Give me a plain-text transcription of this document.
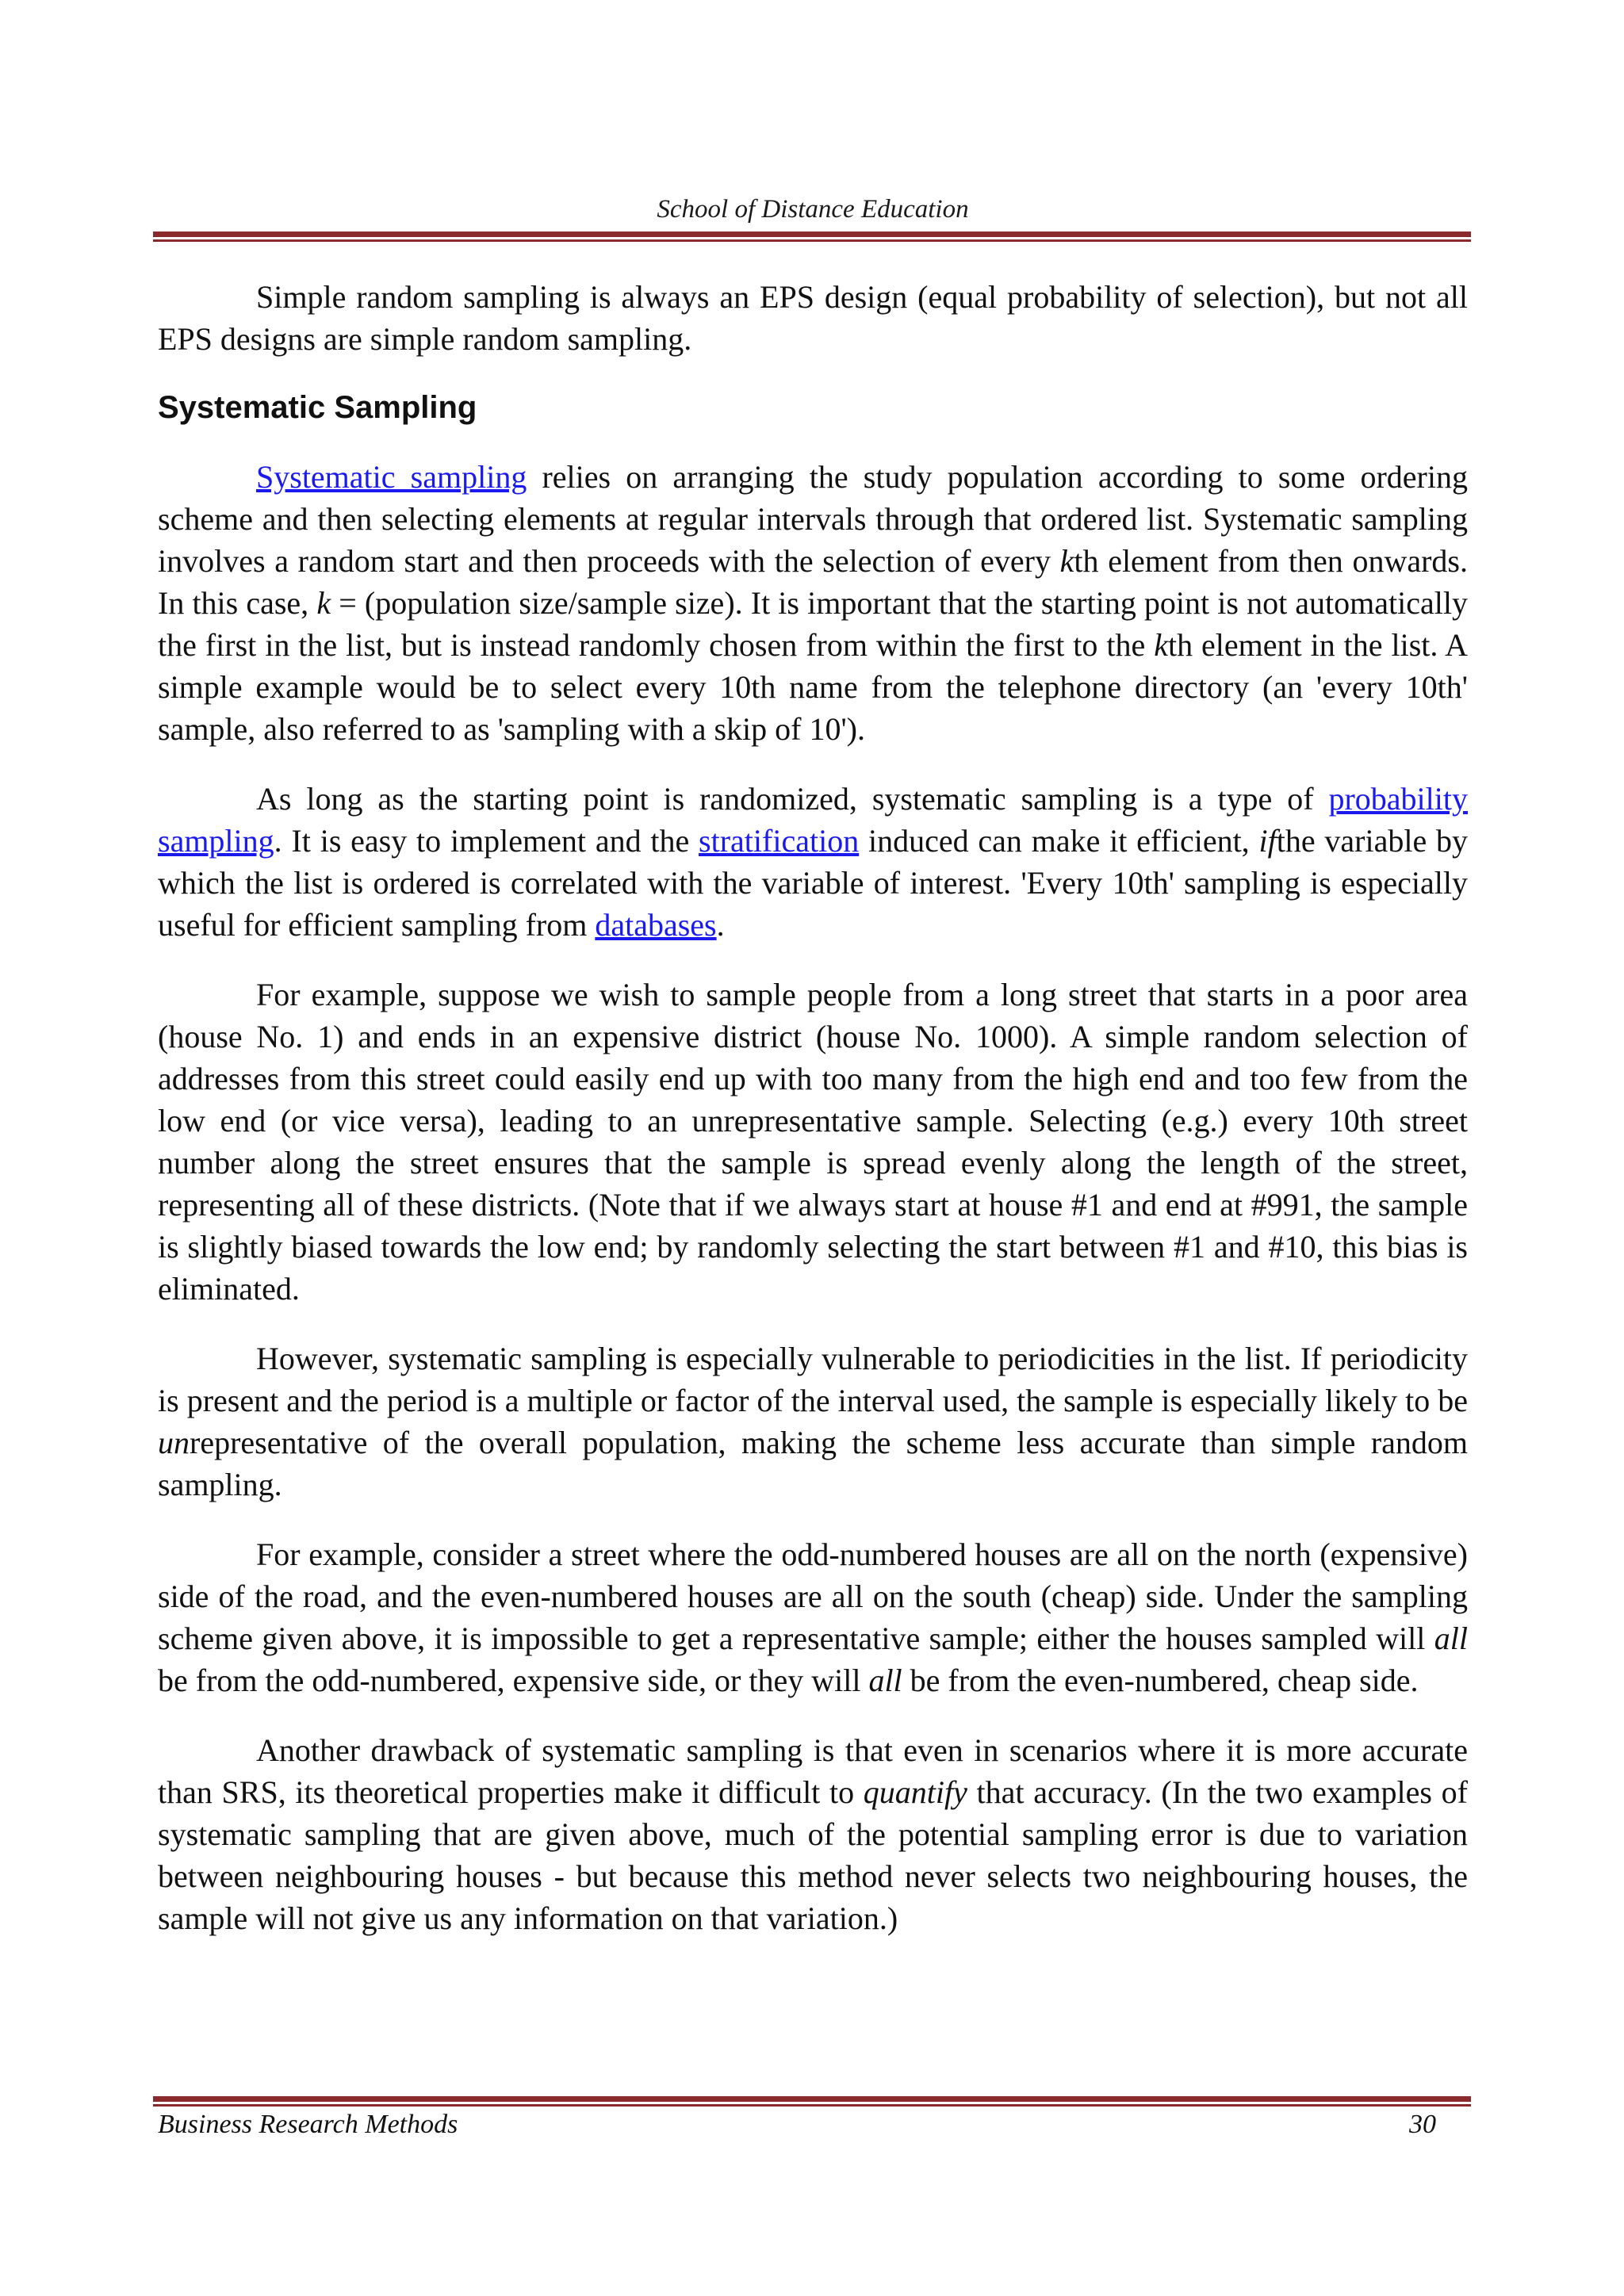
School of Distance Education

Simple random sampling is always an EPS design (equal probability of selection), but not all EPS designs are simple random sampling.

Systematic Sampling

Systematic sampling relies on arranging the study population according to some ordering scheme and then selecting elements at regular intervals through that ordered list. Systematic sampling involves a random start and then proceeds with the selection of every kth element from then onwards. In this case, k = (population size/sample size). It is important that the starting point is not automatically the first in the list, but is instead randomly chosen from within the first to the kth element in the list. A simple example would be to select every 10th name from the telephone directory (an 'every 10th' sample, also referred to as 'sampling with a skip of 10').

As long as the starting point is randomized, systematic sampling is a type of probability sampling. It is easy to implement and the stratification induced can make it efficient, ifthe variable by which the list is ordered is correlated with the variable of interest. 'Every 10th' sampling is especially useful for efficient sampling from databases.

For example, suppose we wish to sample people from a long street that starts in a poor area (house No. 1) and ends in an expensive district (house No. 1000). A simple random selection of addresses from this street could easily end up with too many from the high end and too few from the low end (or vice versa), leading to an unrepresentative sample. Selecting (e.g.) every 10th street number along the street ensures that the sample is spread evenly along the length of the street, representing all of these districts. (Note that if we always start at house #1 and end at #991, the sample is slightly biased towards the low end; by randomly selecting the start between #1 and #10, this bias is eliminated.

However, systematic sampling is especially vulnerable to periodicities in the list. If periodicity is present and the period is a multiple or factor of the interval used, the sample is especially likely to be unrepresentative of the overall population, making the scheme less accurate than simple random sampling.

For example, consider a street where the odd-numbered houses are all on the north (expensive) side of the road, and the even-numbered houses are all on the south (cheap) side. Under the sampling scheme given above, it is impossible to get a representative sample; either the houses sampled will all be from the odd-numbered, expensive side, or they will all be from the even-numbered, cheap side.

Another drawback of systematic sampling is that even in scenarios where it is more accurate than SRS, its theoretical properties make it difficult to quantify that accuracy. (In the two examples of systematic sampling that are given above, much of the potential sampling error is due to variation between neighbouring houses - but because this method never selects two neighbouring houses, the sample will not give us any information on that variation.)

Business Research Methods	30
